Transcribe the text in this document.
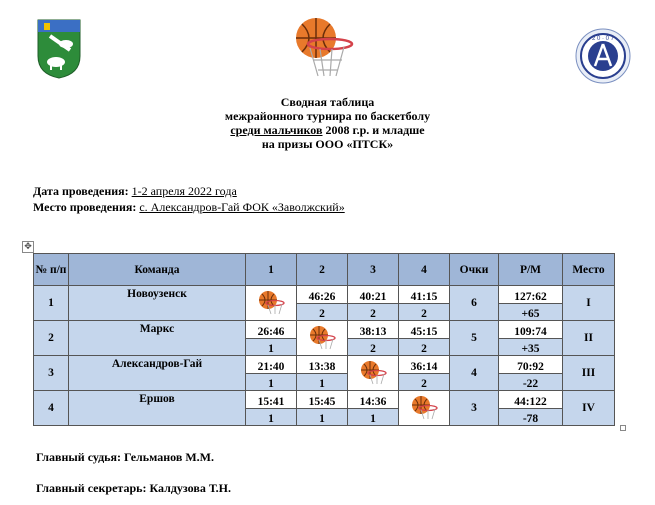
2 0 · 0 7
Сводная таблица
межрайонного турнира по баскетболу
среди мальчиков 2008 г.р. и младше
на призы ООО «ПТСК»
Дата проведения: 1-2 апреля 2022 года
Место проведения: с. Александров-Гай ФОК «Заволжский»
✥
№ п/п	Команда	1	2	3	4	Очки	Р/М	Место
1	Новоузенск		46:26	40:21	41:15	6	127:62	I
			2	2	2		+65	
2	Маркс	26:46		38:13	45:15	5	109:74	II
		1		2	2		+35	
3	Александров-Гай	21:40	13:38		36:14	4	70:92	III
		1	1		2		-22	
4	Ершов	15:41	15:45	14:36		3	44:122	IV
		1	1	1			-78	
Главный судья: Гельманов М.М.
Главный секретарь: Калдузова Т.Н.
